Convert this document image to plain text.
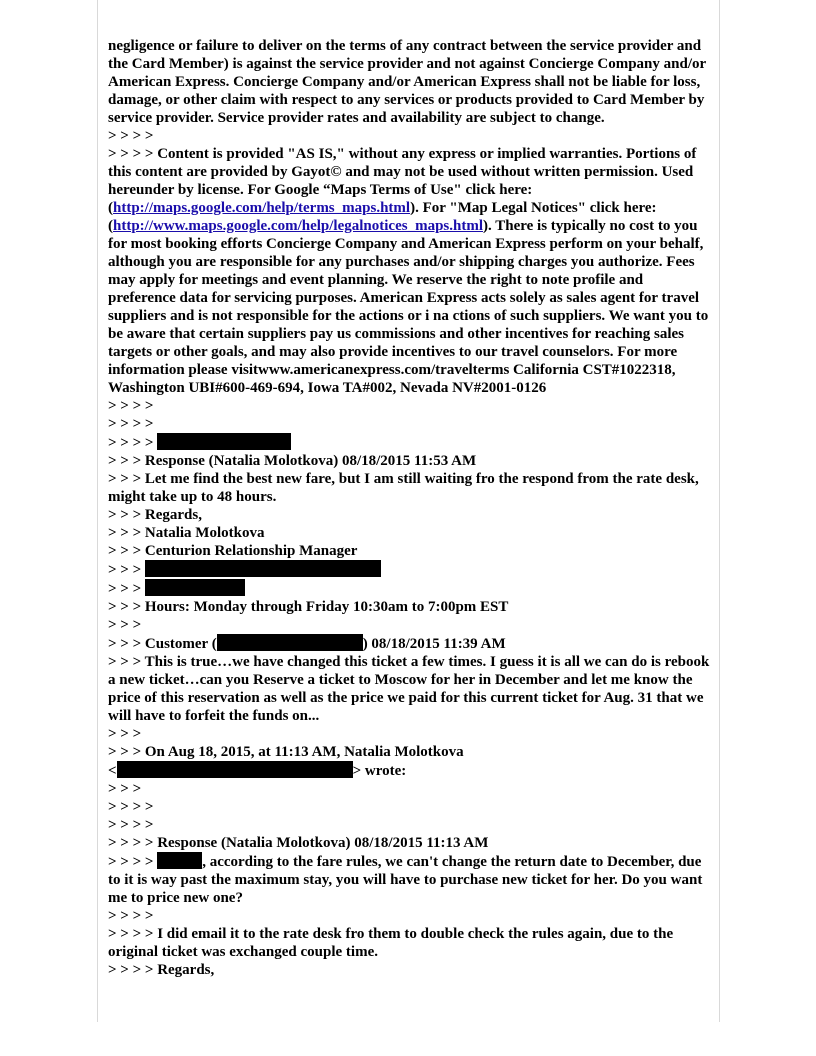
negligence or failure to deliver on the terms of any contract between the service provider and the Card Member) is against the service provider and not against Concierge Company and/or American Express. Concierge Company and/or American Express shall not be liable for loss, damage, or other claim with respect to any services or products provided to Card Member by service provider. Service provider rates and availability are subject to change.

> > > >

> > > > Content is provided "AS IS," without any express or implied warranties. Portions of this content are provided by Gayot© and may not be used without written permission. Used hereunder by license. For Google “Maps Terms of Use" click here: (http://maps.google.com/help/terms_maps.html). For "Map Legal Notices" click here: (http://www.maps.google.com/help/legalnotices_maps.html). There is typically no cost to you for most booking efforts Concierge Company and American Express perform on your behalf, although you are responsible for any purchases and/or shipping charges you authorize. Fees may apply for meetings and event planning. We reserve the right to note profile and preference data for servicing purposes. American Express acts solely as sales agent for travel suppliers and is not responsible for the actions or i na ctions of such suppliers. We want you to be aware that certain suppliers pay us commissions and other incentives for reaching sales targets or other goals, and may also provide incentives to our travel counselors. For more information please visitwww.americanexpress.com/travelterms California CST#1022318, Washington UBI#600-469-694, Iowa TA#002, Nevada NV#2001-0126

> > > >

> > > >

> > > >

> > > Response (Natalia Molotkova) 08/18/2015 11:53 AM

> > > Let me find the best new fare, but I am still waiting fro the respond from the rate desk, might take up to 48 hours.

> > > Regards,

> > > Natalia Molotkova

> > > Centurion Relationship Manager

> > >

> > >

> > > Hours: Monday through Friday 10:30am to 7:00pm EST

> > >

> > > Customer (	) 08/18/2015 11:39 AM

> > > This is true…we have changed this ticket a few times. I guess it is all we can do is rebook a new ticket…can you Reserve a ticket to Moscow for her in December and let me know the price of this reservation as well as the price we paid for this current ticket for Aug. 31 that we will have to forfeit the funds on...

> > >

> > > On Aug 18, 2015, at 11:13 AM, Natalia Molotkova

<	> wrote:

> > >

> > > >

> > > >

> > > > Response (Natalia Molotkova) 08/18/2015 11:13 AM

> > > >	, according to the fare rules, we can't change the return date to December, due to it is way past the maximum stay, you will have to purchase new ticket for her. Do you want me to price new one?

> > > >

> > > > I did email it to the rate desk fro them to double check the rules again, due to the original ticket was exchanged couple time.

> > > > Regards,
